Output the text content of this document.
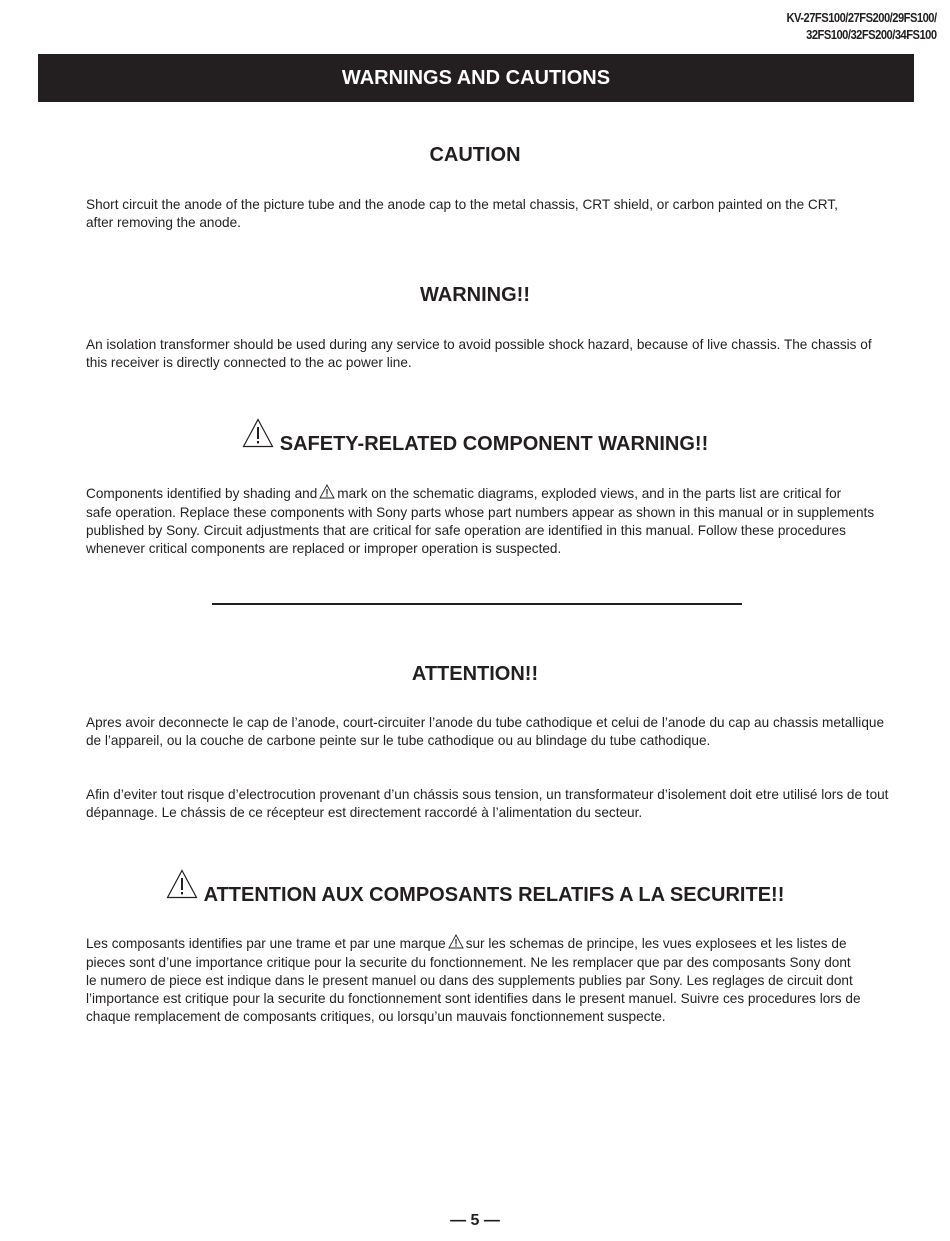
KV-27FS100/27FS200/29FS100/
32FS100/32FS200/34FS100
WARNINGS AND CAUTIONS
CAUTION
Short circuit the anode of the picture tube and the anode cap to the metal chassis, CRT shield, or carbon painted on the CRT,
after removing the anode.
WARNING!!
An isolation transformer should be used during any service to avoid possible shock hazard, because of live chassis. The chassis of
this receiver is directly connected to the ac power line.
SAFETY-RELATED COMPONENT WARNING!!
Components identified by shading and mark on the schematic diagrams, exploded views, and in the parts list are critical for
safe operation. Replace these components with Sony parts whose part numbers appear as shown in this manual or in supplements
published by Sony. Circuit adjustments that are critical for safe operation are identified in this manual. Follow these procedures
whenever critical components are replaced or improper operation is suspected.
ATTENTION!!
Apres avoir deconnecte le cap de l’anode, court-circuiter l’anode du tube cathodique et celui de l’anode du cap au chassis metallique
de l’appareil, ou la couche de carbone peinte sur le tube cathodique ou au blindage du tube cathodique.
Afin d’eviter tout risque d’electrocution provenant d’un chássis sous tension, un transformateur d’isolement doit etre utilisé lors de tout
dépannage. Le chássis de ce récepteur est directement raccordé à l’alimentation du secteur.
ATTENTION AUX COMPOSANTS RELATIFS A LA SECURITE!!
Les composants identifies par une trame et par une marque sur les schemas de principe, les vues explosees et les listes de
pieces sont d’une importance critique pour la securite du fonctionnement. Ne les remplacer que par des composants Sony dont
le numero de piece est indique dans le present manuel ou dans des supplements publies par Sony. Les reglages de circuit dont
l’importance est critique pour la securite du fonctionnement sont identifies dans le present manuel. Suivre ces procedures lors de
chaque remplacement de composants critiques, ou lorsqu’un mauvais fonctionnement suspecte.
— 5 —
